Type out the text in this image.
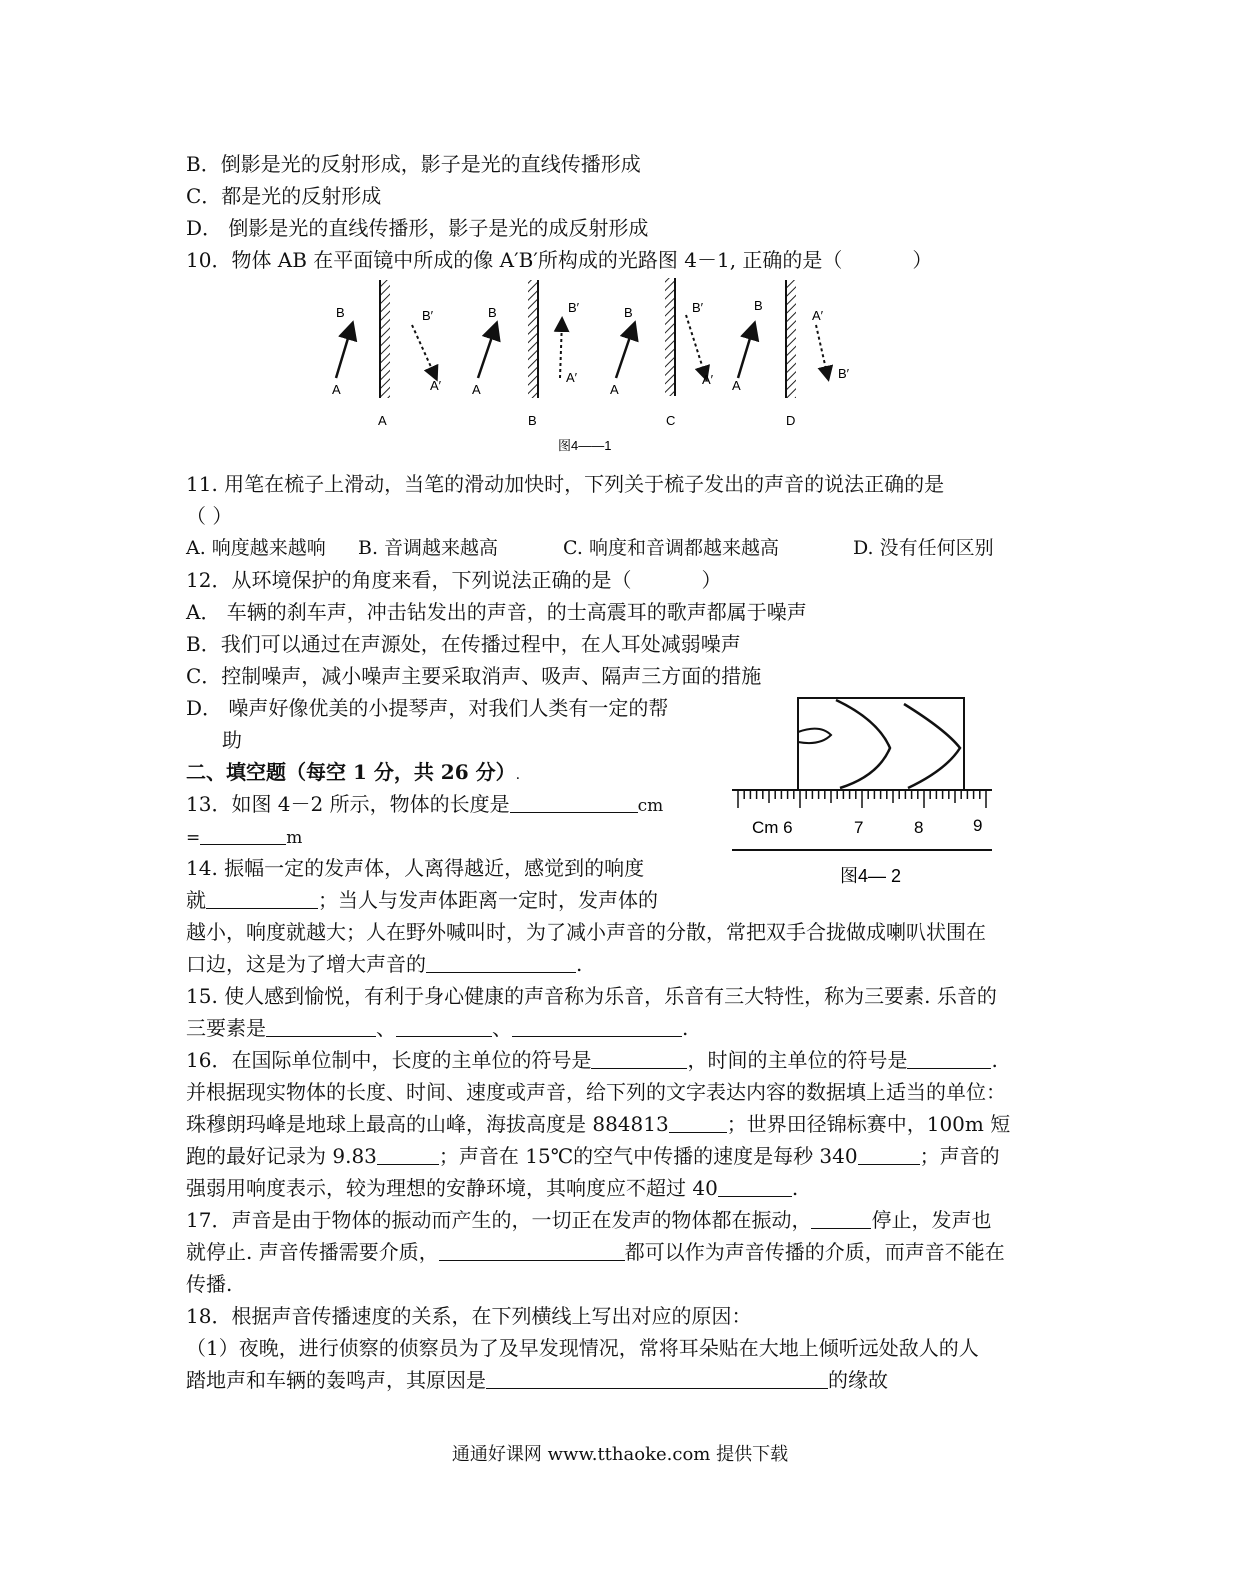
B．倒影是光的反射形成，影子是光的直线传播形成
C．都是光的反射形成
D． 倒影是光的直线传播形，影子是光的成反射形成
10．物体 AB 在平面镜中所成的像 A′B′所构成的光路图 4－1, 正确的是（	）
B
A
B′
A′
A
B
A
B′
A′
B
B
A
B′
A′
C
B
A
A′
B′
D
图4——1
11. 用笔在梳子上滑动，当笔的滑动加快时，下列关于梳子发出的声音的说法正确的是
（ ）
A. 响度越来越响 B. 音调越来越高	C. 响度和音调都越来越高	D. 没有任何区别
12．从环境保护的角度来看，下列说法正确的是（	）
A． 车辆的刹车声，冲击钻发出的声音，的士高震耳的歌声都属于噪声
B．我们可以通过在声源处，在传播过程中，在人耳处减弱噪声
C．控制噪声，减小噪声主要采取消声、吸声、隔声三方面的措施
D． 噪声好像优美的小提琴声，对我们人类有一定的帮
助
二、填空题（每空 1 分，共 26 分）.
13．如图 4－2 所示，物体的长度是	cm
=	m
Cm 6	7	8	9
图4— 2
14. 振幅一定的发声体，人离得越近，感觉到的响度
就	；当人与发声体距离一定时，发声体的
越小，响度就越大；人在野外喊叫时，为了减小声音的分散，常把双手合拢做成喇叭状围在
口边，这是为了增大声音的	.
15. 使人感到愉悦，有利于身心健康的声音称为乐音，乐音有三大特性，称为三要素. 乐音的
三要素是	、	、	.
16．在国际单位制中，长度的主单位的符号是	，时间的主单位的符号是	.
并根据现实物体的长度、时间、速度或声音，给下列的文字表达内容的数据填上适当的单位：
珠穆朗玛峰是地球上最高的山峰，海拔高度是 884813	；世界田径锦标赛中，100m 短
跑的最好记录为 9.83	；声音在 15℃的空气中传播的速度是每秒 340	；声音的
强弱用响度表示，较为理想的安静环境，其响度应不超过 40	.
17．声音是由于物体的振动而产生的，一切正在发声的物体都在振动，	停止，发声也
就停止. 声音传播需要介质，	都可以作为声音传播的介质，而声音不能在
传播.
18．根据声音传播速度的关系，在下列横线上写出对应的原因：
（1）夜晚，进行侦察的侦察员为了及早发现情况，常将耳朵贴在大地上倾听远处敌人的人
踏地声和车辆的轰鸣声，其原因是	的缘故
通通好课网 www.tthaoke.com 提供下载
